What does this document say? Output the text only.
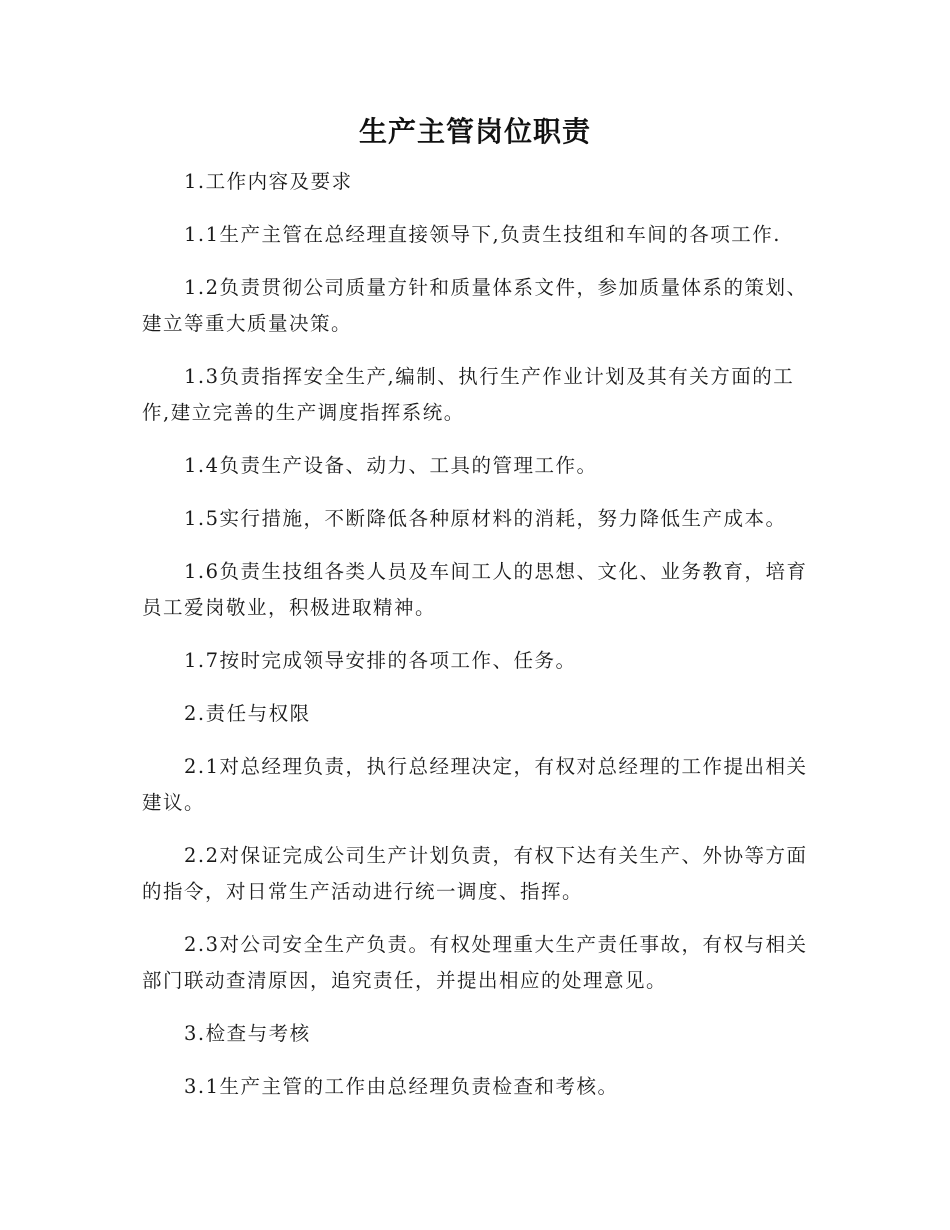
生产主管岗位职责

1.工作内容及要求

1.1生产主管在总经理直接领导下,负责生技组和车间的各项工作.

1.2负责贯彻公司质量方针和质量体系文件，参加质量体系的策划、建立等重大质量决策。

1.3负责指挥安全生产,编制、执行生产作业计划及其有关方面的工作,建立完善的生产调度指挥系统。

1.4负责生产设备、动力、工具的管理工作。

1.5实行措施，不断降低各种原材料的消耗，努力降低生产成本。

1.6负责生技组各类人员及车间工人的思想、文化、业务教育，培育员工爱岗敬业，积极进取精神。

1.7按时完成领导安排的各项工作、任务。

2.责任与权限

2.1对总经理负责，执行总经理决定，有权对总经理的工作提出相关建议。

2.2对保证完成公司生产计划负责，有权下达有关生产、外协等方面的指令，对日常生产活动进行统一调度、指挥。

2.3对公司安全生产负责。有权处理重大生产责任事故，有权与相关部门联动查清原因，追究责任，并提出相应的处理意见。

3.检查与考核

3.1生产主管的工作由总经理负责检查和考核。
